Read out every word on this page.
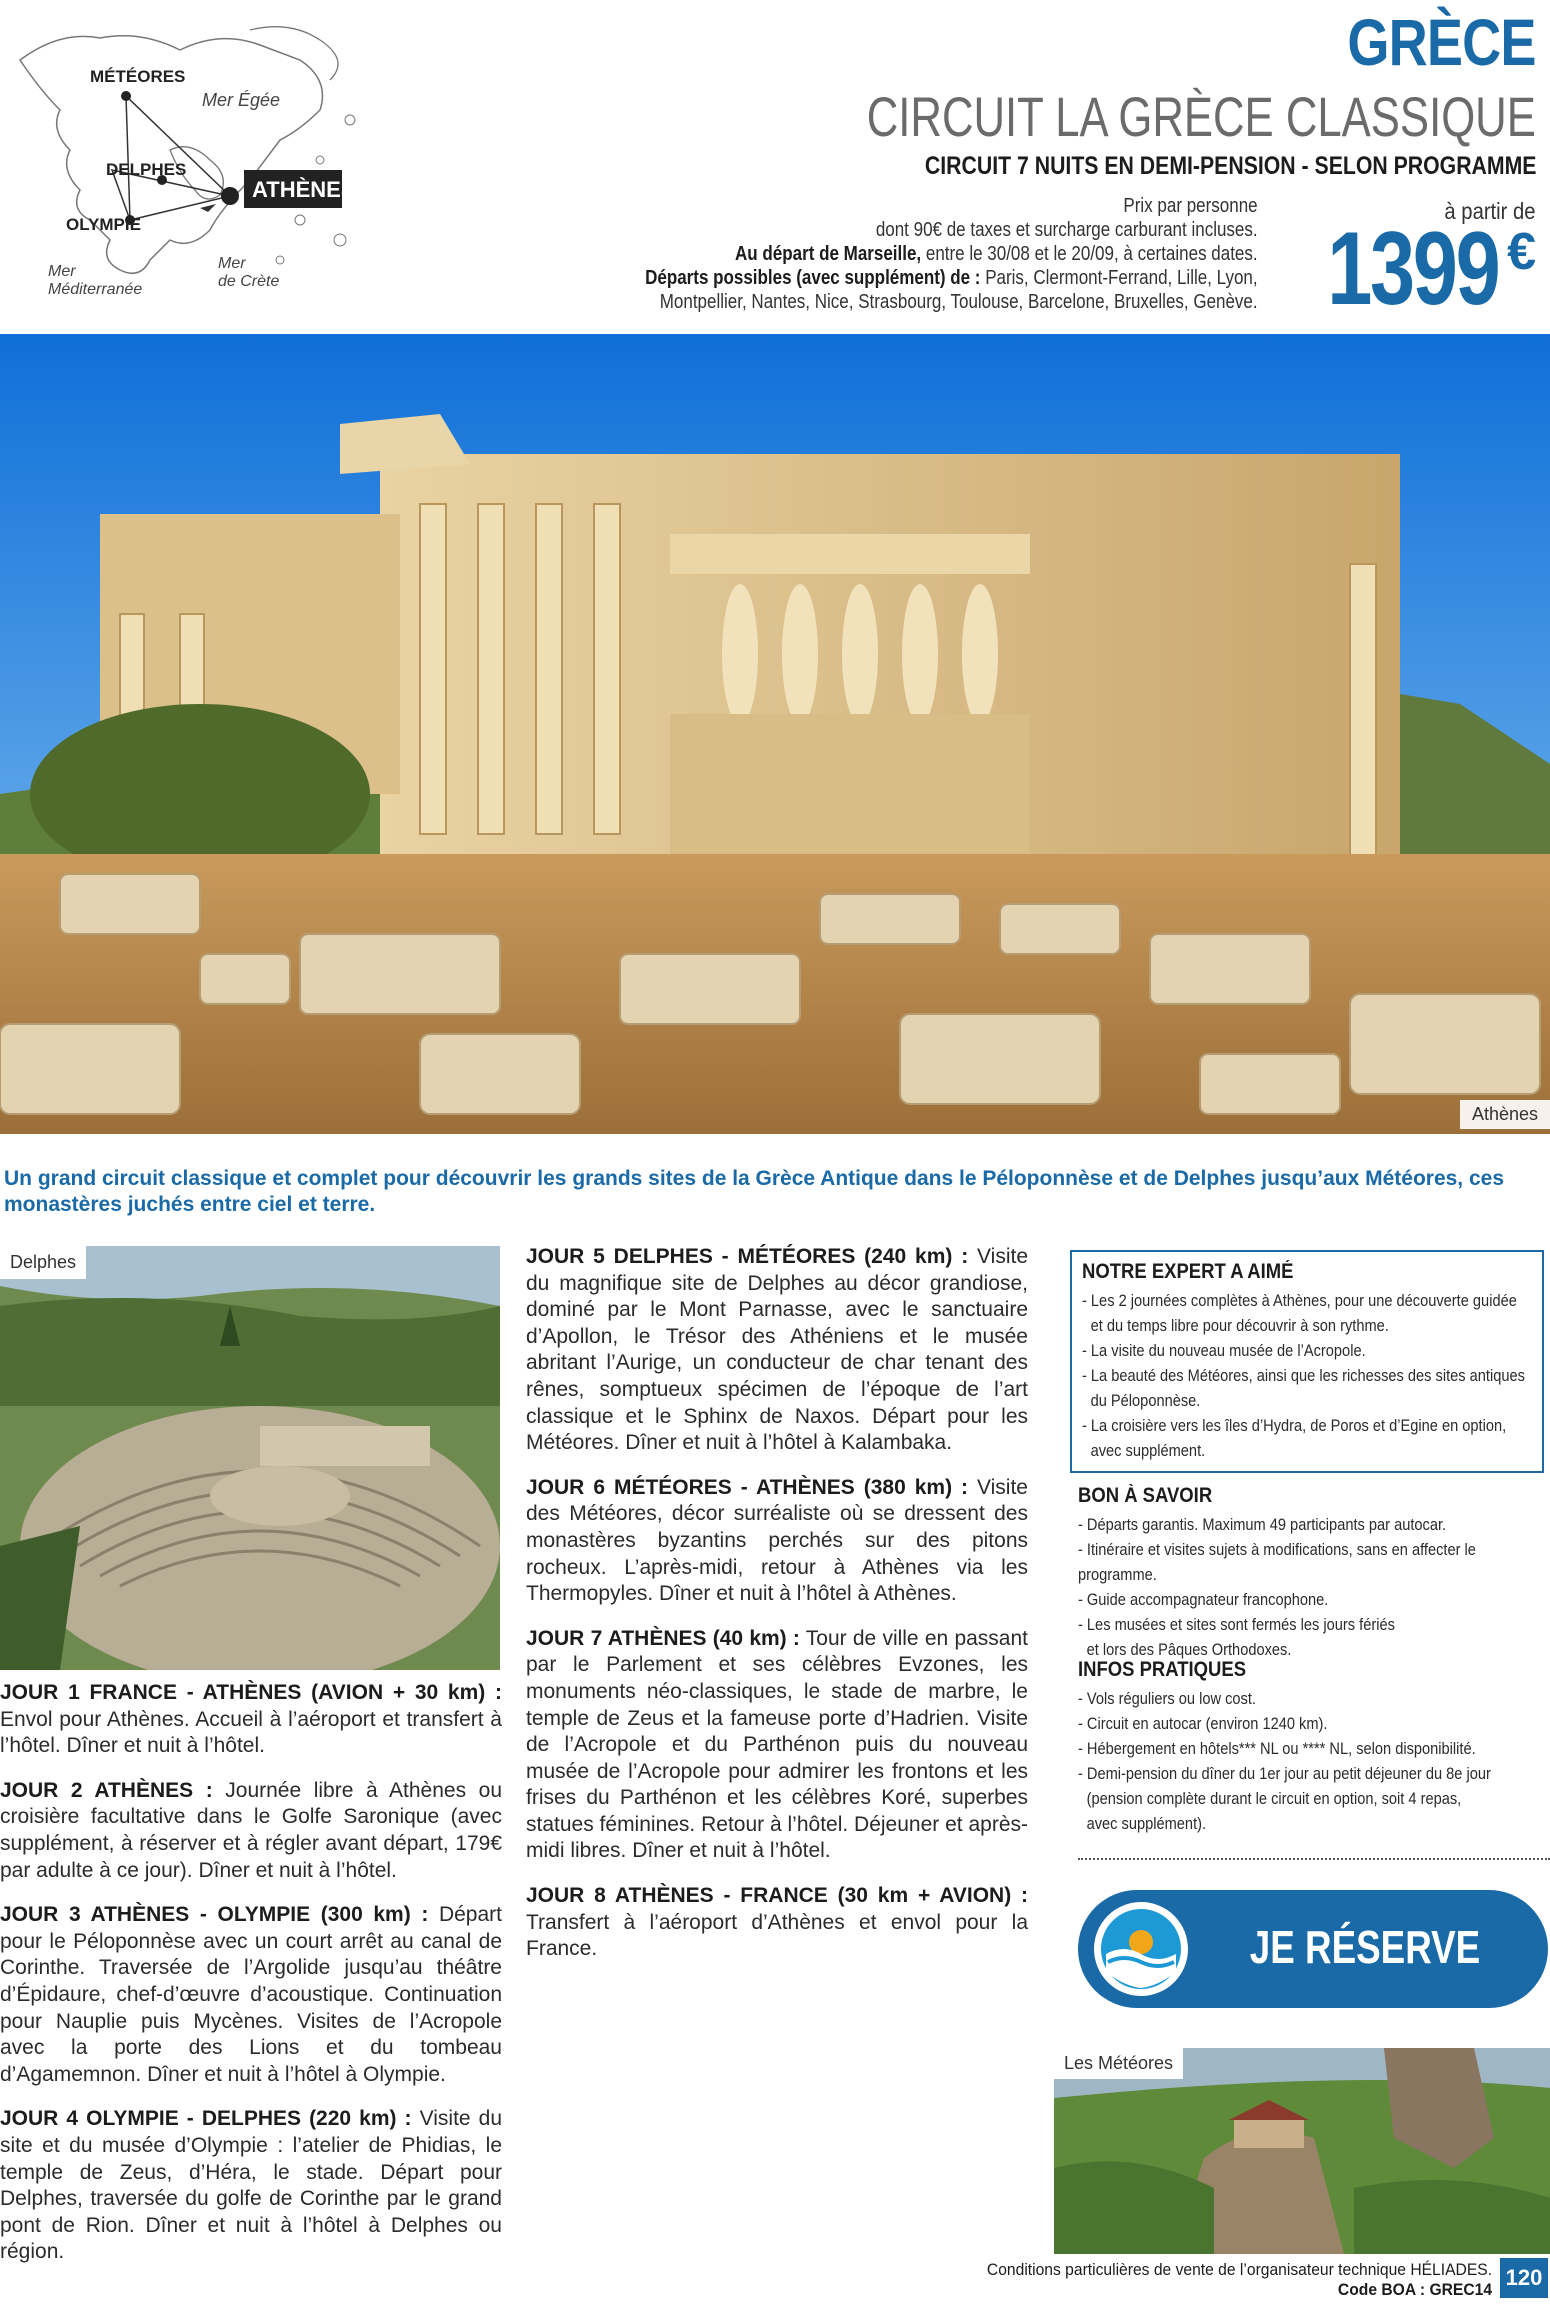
MÉTÉORES
DELPHES
OLYMPIE
ATHÈNES
Mer Égée
Mer
Méditerranée
Mer
de Crète
GRÈCE
CIRCUIT LA GRÈCE CLASSIQUE
CIRCUIT 7 NUITS EN DEMI-PENSION - SELON PROGRAMME
Prix par personne
dont 90€ de taxes et surcharge carburant incluses.
Au départ de Marseille, entre le 30/08 et le 20/09, à certaines dates.
Départs possibles (avec supplément) de : Paris, Clermont-Ferrand, Lille, Lyon,
Montpellier, Nantes, Nice, Strasbourg, Toulouse, Barcelone, Bruxelles, Genève.
à partir de
1399 €
Athènes
Un grand circuit classique et complet pour découvrir les grands sites de la Grèce Antique dans le Péloponnèse et de Delphes jusqu’aux Météores, ces monastères juchés entre ciel et terre.
Delphes

JOUR 1 FRANCE - ATHÈNES (AVION + 30 km) : Envol pour Athènes. Accueil à l’aéroport et transfert à l’hôtel. Dîner et nuit à l’hôtel.

JOUR 2 ATHÈNES : Journée libre à Athènes ou croisière facultative dans le Golfe Saronique (avec supplément, à réserver et à régler avant départ, 179€ par adulte à ce jour). Dîner et nuit à l’hôtel.

JOUR 3 ATHÈNES - OLYMPIE (300 km) : Départ pour le Péloponnèse avec un court arrêt au canal de Corinthe. Traversée de l’Argolide jusqu’au théâtre d’Épidaure, chef-d’œuvre d’acoustique. Continuation pour Nauplie puis Mycènes. Visites de l’Acropole avec la porte des Lions et du tombeau d’Agamemnon. Dîner et nuit à l’hôtel à Olympie.

JOUR 4 OLYMPIE - DELPHES (220 km) : Visite du site et du musée d’Olympie : l’atelier de Phidias, le temple de Zeus, d’Héra, le stade. Départ pour Delphes, traversée du golfe de Corinthe par le grand pont de Rion. Dîner et nuit à l’hôtel à Delphes ou région.

JOUR 5 DELPHES - MÉTÉORES (240 km) : Visite du magnifique site de Delphes au décor grandiose, dominé par le Mont Parnasse, avec le sanctuaire d’Apollon, le Trésor des Athéniens et le musée abritant l’Aurige, un conducteur de char tenant des rênes, somptueux spécimen de l’époque de l’art classique et le Sphinx de Naxos. Départ pour les Météores. Dîner et nuit à l’hôtel à Kalambaka.

JOUR 6 MÉTÉORES - ATHÈNES (380 km) : Visite des Météores, décor surréaliste où se dressent des monastères byzantins perchés sur des pitons rocheux. L’après-midi, retour à Athènes via les Thermopyles. Dîner et nuit à l’hôtel à Athènes.

JOUR 7 ATHÈNES (40 km) : Tour de ville en passant par le Parlement et ses célèbres Evzones, les monuments néo-classiques, le stade de marbre, le temple de Zeus et la fameuse porte d’Hadrien. Visite de l’Acropole et du Parthénon puis du nouveau musée de l’Acropole pour admirer les frontons et les frises du Parthénon et les célèbres Koré, superbes statues féminines. Retour à l’hôtel. Déjeuner et après-midi libres. Dîner et nuit à l’hôtel.

JOUR 8 ATHÈNES - FRANCE (30 km + AVION) : Transfert à l’aéroport d’Athènes et envol pour la France.

NOTRE EXPERT A AIMÉ
- Les 2 journées complètes à Athènes, pour une découverte guidée
et du temps libre pour découvrir à son rythme.
- La visite du nouveau musée de l’Acropole.
- La beauté des Météores, ainsi que les richesses des sites antiques
du Péloponnèse.
- La croisière vers les îles d’Hydra, de Poros et d’Egine en option,
avec supplément.
BON À SAVOIR
- Départs garantis. Maximum 49 participants par autocar.
- Itinéraire et visites sujets à modifications, sans en affecter le programme.
- Guide accompagnateur francophone.
- Les musées et sites sont fermés les jours fériés
et lors des Pâques Orthodoxes.
INFOS PRATIQUES
- Vols réguliers ou low cost.
- Circuit en autocar (environ 1240 km).
- Hébergement en hôtels*** NL ou **** NL, selon disponibilité.
- Demi-pension du dîner du 1er jour au petit déjeuner du 8e jour
(pension complète durant le circuit en option, soit 4 repas,
avec supplément).
JE RÉSERVE
Les Météores
Conditions particulières de vente de l’organisateur technique HÉLIADES.
Code BOA : GREC14 120
